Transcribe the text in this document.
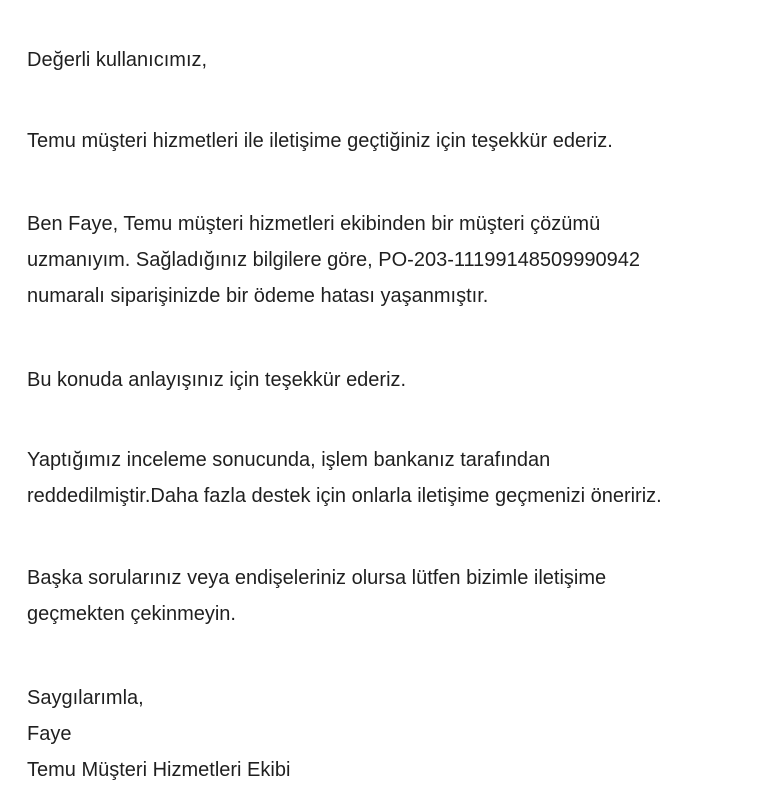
Değerli kullanıcımız,

Temu müşteri hizmetleri ile iletişime geçtiğiniz için teşekkür ederiz.

Ben Faye, Temu müşteri hizmetleri ekibinden bir müşteri çözümü
uzmanıyım. Sağladığınız bilgilere göre, PO-203-11199148509990942
numaralı siparişinizde bir ödeme hatası yaşanmıştır.

Bu konuda anlayışınız için teşekkür ederiz.

Yaptığımız inceleme sonucunda, işlem bankanız tarafından
reddedilmiştir.Daha fazla destek için onlarla iletişime geçmenizi öneririz.

Başka sorularınız veya endişeleriniz olursa lütfen bizimle iletişime
geçmekten çekinmeyin.

Saygılarımla,
Faye
Temu Müşteri Hizmetleri Ekibi
